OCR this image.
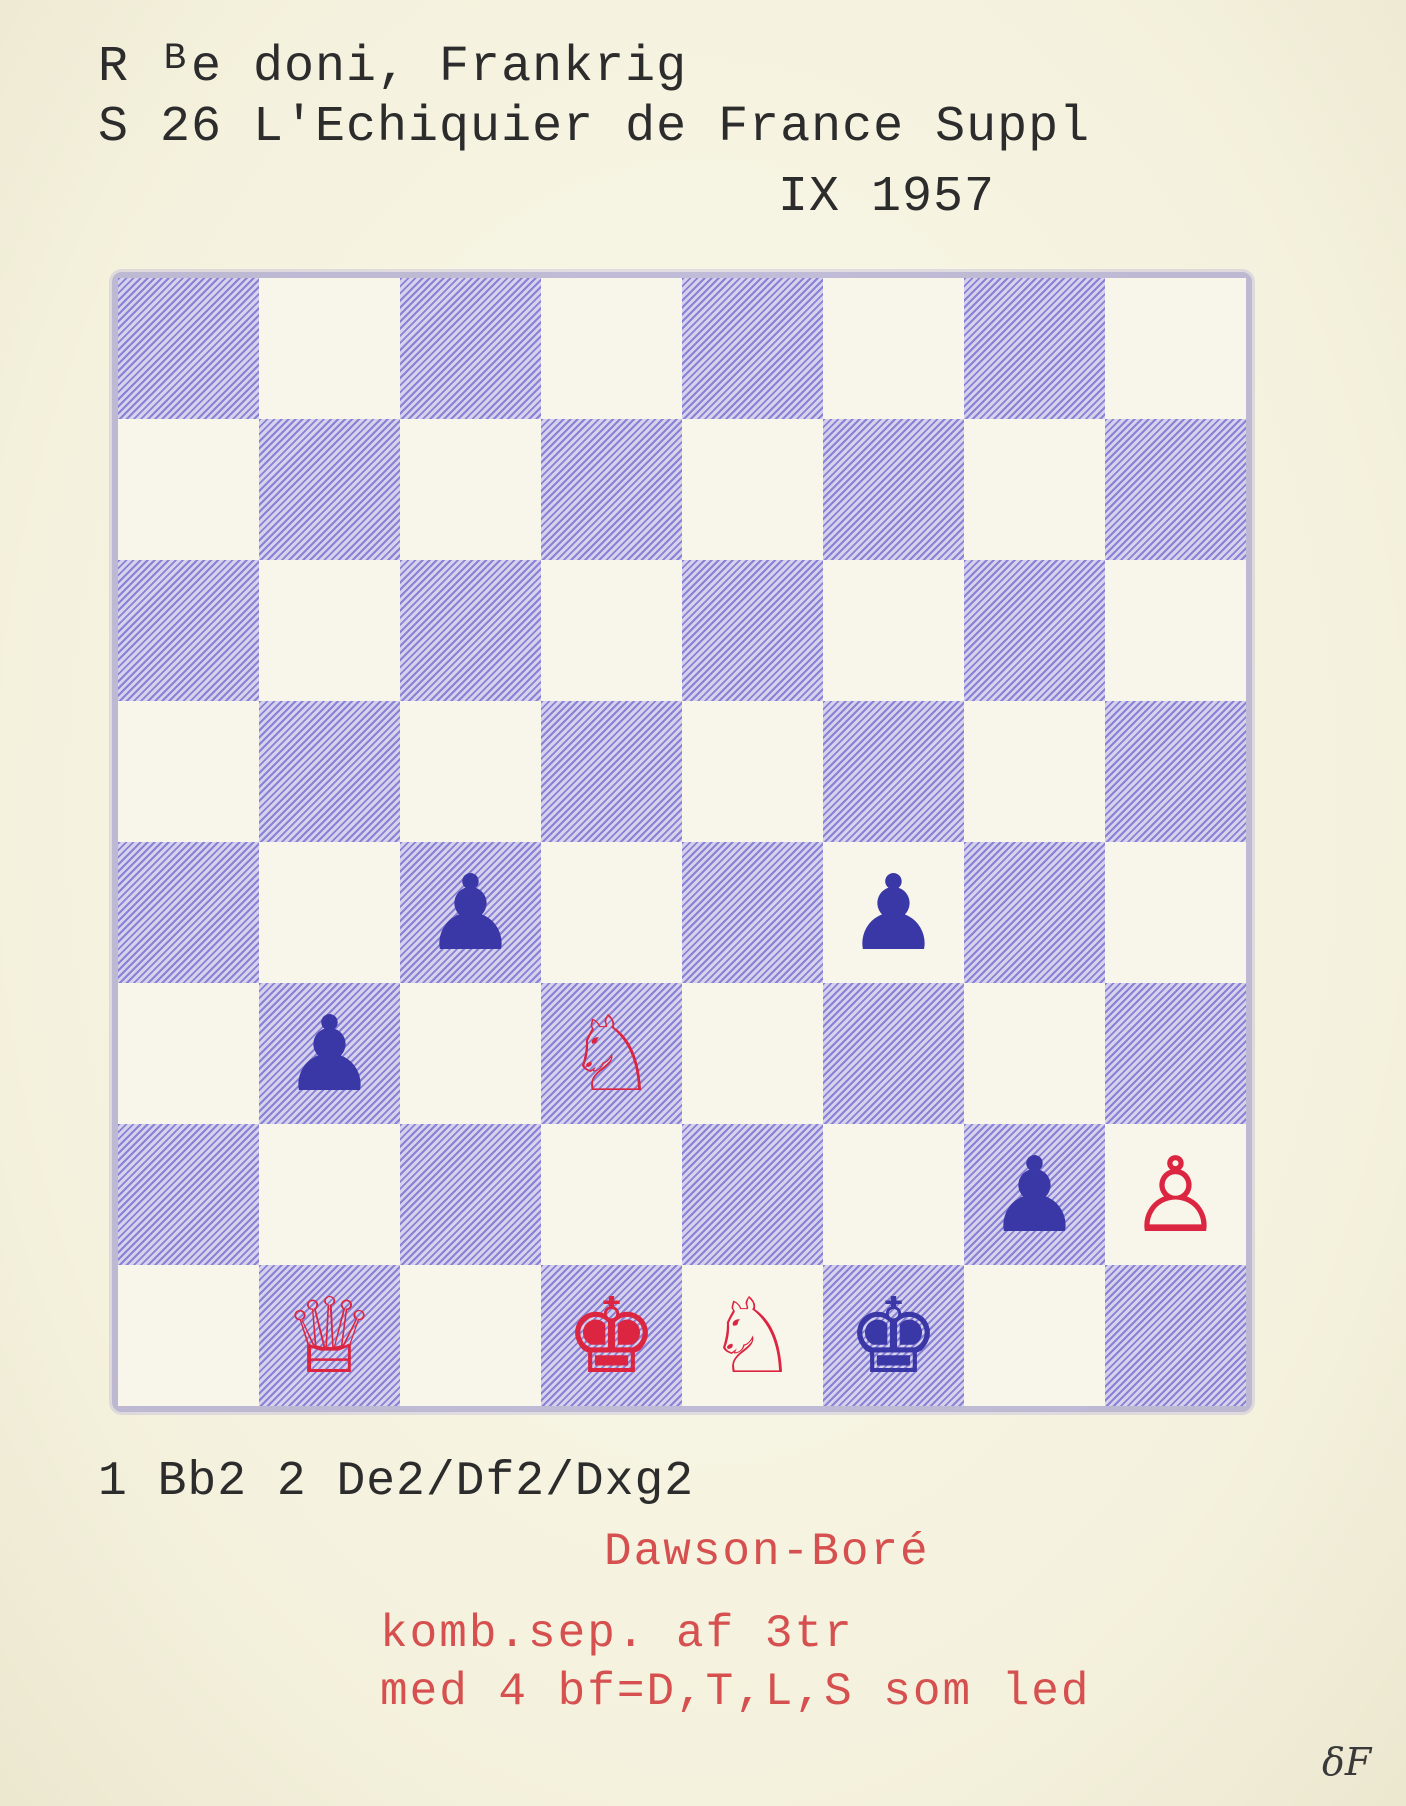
R ᴮe doni, Frankrig
S 26 L'Echiquier de France Suppl
IX 1957
♟	♟
♟ ♘
♟ ♙
♕ ♚ ♘ ♚
1 Bb2 2 De2/Df2/Dxg2
Dawson-Boré
komb.sep. af 3tr
med 4 bf=D,T,L,S som led
δF
